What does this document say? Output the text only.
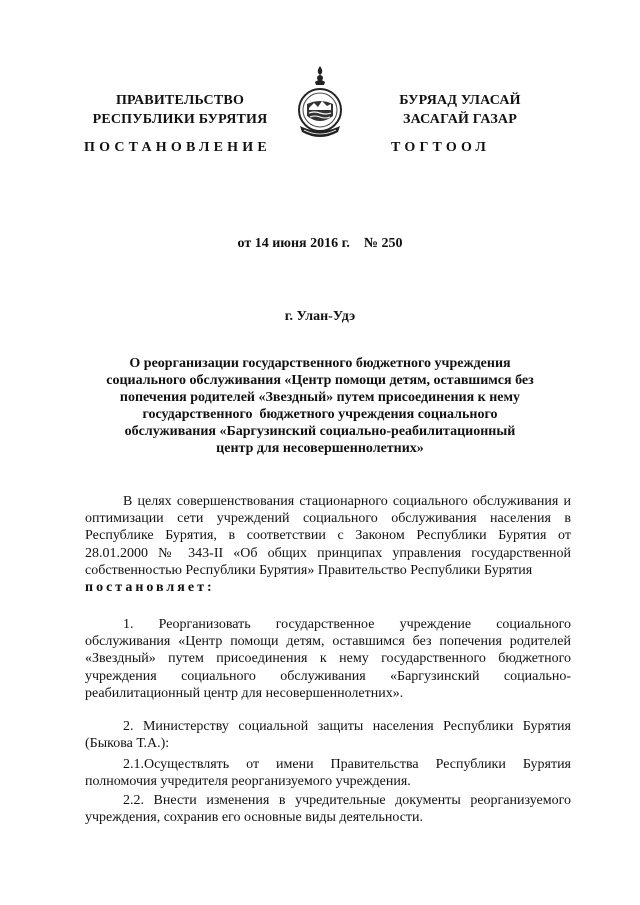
ПРАВИТЕЛЬСТВО
РЕСПУБЛИКИ БУРЯТИЯ
БУРЯАД УЛАСАЙ
ЗАСАГАЙ ГАЗАР
ПОСТАНОВЛЕНИЕ	ТОГТООЛ
от 14 июня 2016 г.    № 250
г. Улан-Удэ
О реорганизации государственного бюджетного учреждения
социального обслуживания «Центр помощи детям, оставшимся без
попечения родителей «Звездный» путем присоединения к нему
государственного  бюджетного учреждения социального
обслуживания «Баргузинский социально-реабилитационный
центр для несовершеннолетних»

В целях совершенствования стационарного социального обслуживания и оптимизации сети учреждений социального обслуживания населения в Республике Бурятия, в соответствии с Законом Республики Бурятия от 28.01.2000 № 343-II «Об общих принципах управления государственной собственностью Республики Бурятия» Правительство Республики Бурятия
постановляет:

1. Реорганизовать государственное учреждение социального обслуживания «Центр помощи детям, оставшимся без попечения родителей «Звездный» путем присоединения к нему государственного бюджетного учреждения социального обслуживания «Баргузинский социально-реабилитационный центр для несовершеннолетних».

2. Министерству социальной защиты населения Республики Бурятия (Быкова Т.А.):

2.1.Осуществлять от имени Правительства Республики Бурятия полномочия учредителя реорганизуемого учреждения.

2.2. Внести изменения в учредительные документы реорганизуемого учреждения, сохранив его основные виды деятельности.
